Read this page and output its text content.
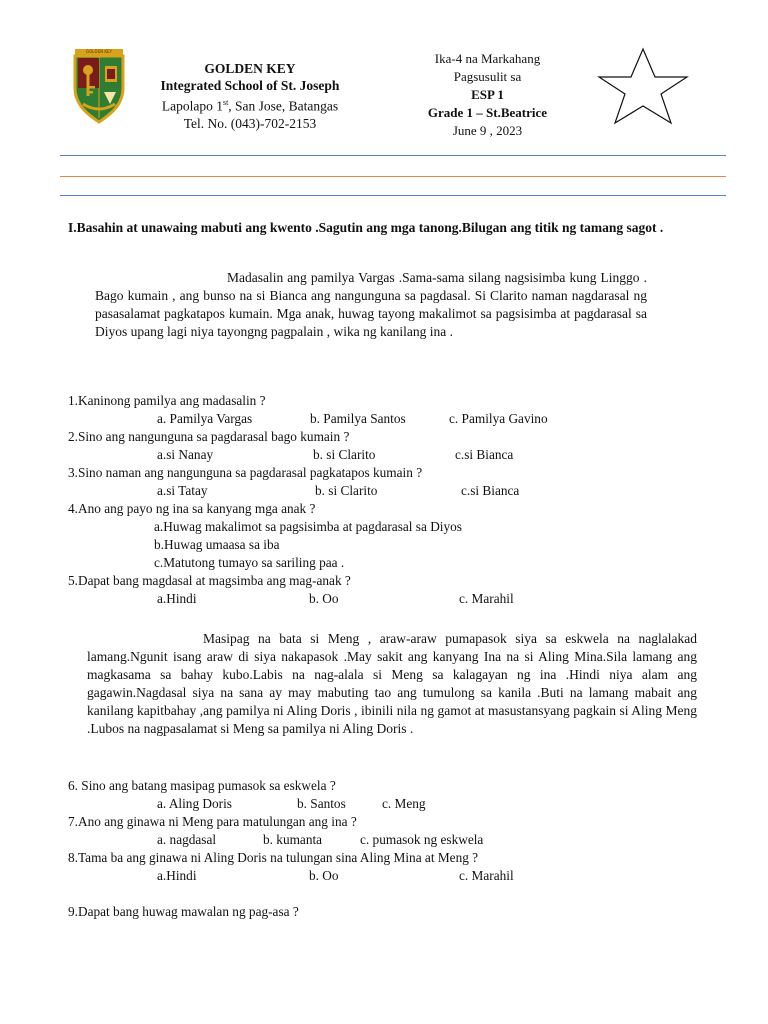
GOLDEN KEY
GOLDEN KEY
Integrated School of St. Joseph
Lapolapo 1st, San Jose, Batangas
Tel. No. (043)-702-2153
Ika-4 na Markahang
Pagsusulit sa
ESP 1
Grade 1 – St.Beatrice
June 9 , 2023
I.Basahin at unawaing mabuti ang kwento .Sagutin ang mga tanong.Bilugan ang titik ng tamang sagot .
Madasalin ang pamilya Vargas .Sama-sama silang nagsisimba kung Linggo . Bago kumain , ang bunso na si Bianca ang nangunguna sa pagdasal. Si Clarito naman nagdarasal ng pasasalamat pagkatapos kumain. Mga anak, huwag tayong makalimot sa pagsisimba at pagdarasal sa Diyos upang lagi niya tayongng pagpalain , wika ng kanilang ina .
1.Kaninong pamilya ang madasalin ?
a. Pamilya Vargas	b. Pamilya Santos	c. Pamilya Gavino
2.Sino ang nangunguna sa pagdarasal bago kumain ?
a.si Nanay	b. si Clarito	c.si Bianca
3.Sino naman ang nangunguna sa pagdarasal pagkatapos kumain ?
a.si Tatay	b. si Clarito	c.si Bianca
4.Ano ang payo ng ina sa kanyang mga anak ?
a.Huwag makalimot sa pagsisimba at pagdarasal sa Diyos
b.Huwag umaasa sa iba
c.Matutong tumayo sa sariling paa .
5.Dapat bang magdasal at magsimba ang mag-anak ?
a.Hindi	b. Oo	c. Marahil
Masipag na bata si Meng , araw-araw pumapasok siya sa eskwela na naglalakad lamang.Ngunit isang araw di siya nakapasok .May sakit ang kanyang Ina na si Aling Mina.Sila lamang ang magkasama sa bahay kubo.Labis na nag-alala si Meng sa kalagayan ng ina .Hindi niya alam ang gagawin.Nagdasal siya na sana ay may mabuting tao ang tumulong sa kanila .Buti na lamang mabait ang kanilang kapitbahay ,ang pamilya ni Aling Doris , ibinili nila ng gamot at masustansyang pagkain si Aling Meng .Lubos na nagpasalamat si Meng sa pamilya ni Aling Doris .
6. Sino ang batang masipag pumasok sa eskwela ?
a. Aling Doris	b. Santos	c. Meng
7.Ano ang ginawa ni Meng para matulungan ang ina ?
a. nagdasal	b. kumanta	c. pumasok ng eskwela
8.Tama ba ang ginawa ni Aling Doris na tulungan sina Aling Mina at Meng ?
a.Hindi	b. Oo	c. Marahil
9.Dapat bang huwag mawalan ng pag-asa ?
